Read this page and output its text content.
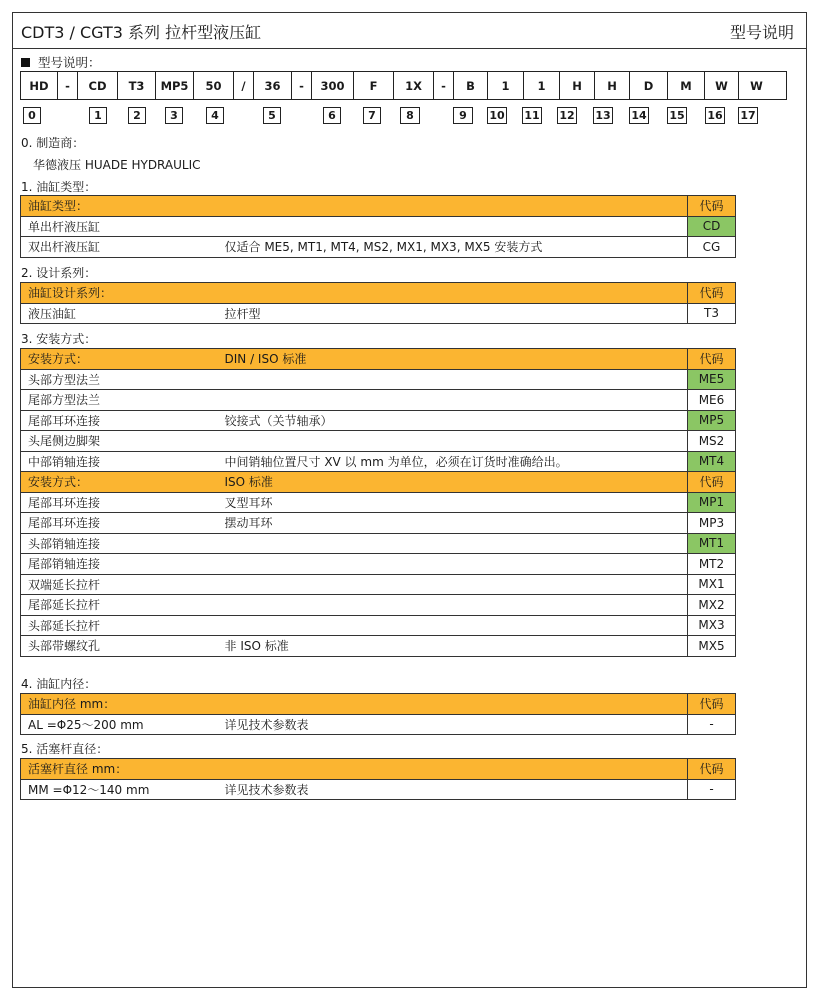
CDT3 / CGT3 系列 拉杆型液压缸	型号说明
型号说明：
HD	-	CD	T3	MP5	50	/	36	-	300	F	1X	-	B	1	1	H	H	D	M	W	W
0	1	2	3	4	5	6	7	8	9	10 11 12 13 14 15 16 17
0. 制造商：
华德液压 HUADE HYDRAULIC
1. 油缸类型：
油缸类型：		代码
单出杆液压缸		CD
双出杆液压缸	仅适合 ME5, MT1, MT4, MS2, MX1, MX3, MX5 安装方式	CG
2. 设计系列：
油缸设计系列：		代码
液压油缸	拉杆型	T3
3. 安装方式：
安装方式：	DIN / ISO 标准	代码
头部方型法兰		ME5
尾部方型法兰		ME6
尾部耳环连接	铰接式（关节轴承）	MP5
头尾侧边脚架		MS2
中部销轴连接	中间销轴位置尺寸 XV 以 mm 为单位，必须在订货时准确给出。	MT4
安装方式：	ISO 标准	代码
尾部耳环连接	叉型耳环	MP1
尾部耳环连接	摆动耳环	MP3
头部销轴连接		MT1
尾部销轴连接		MT2
双端延长拉杆		MX1
尾部延长拉杆		MX2
头部延长拉杆		MX3
头部带螺纹孔	非 ISO 标准	MX5
4. 油缸内径：
油缸内径 mm：		代码
AL =Φ25～200 mm	详见技术参数表	-
5. 活塞杆直径：
活塞杆直径 mm：		代码
MM =Φ12～140 mm	详见技术参数表	-
